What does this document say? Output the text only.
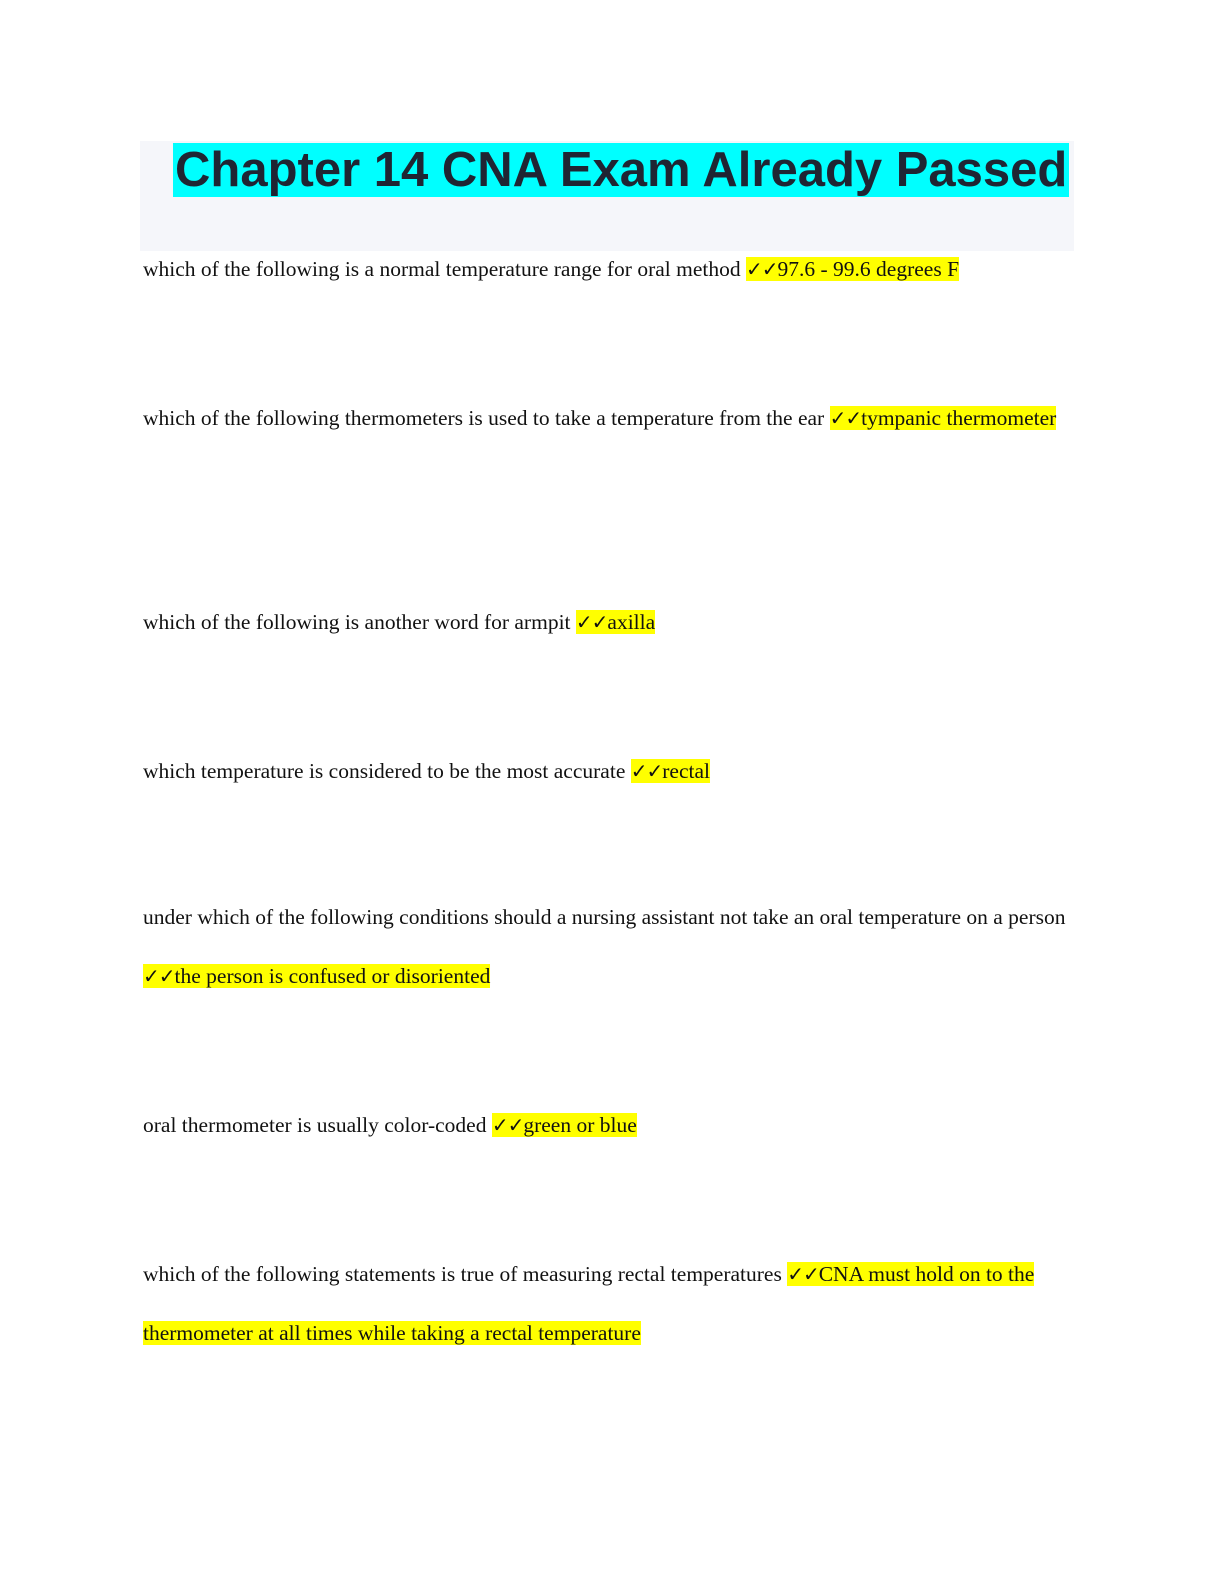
Chapter 14 CNA Exam Already Passed

which of the following is a normal temperature range for oral method ✓✓97.6 - 99.6 degrees F

which of the following thermometers is used to take a temperature from the ear ✓✓tympanic thermometer

which of the following is another word for armpit ✓✓axilla

which temperature is considered to be the most accurate ✓✓rectal

under which of the following conditions should a nursing assistant not take an oral temperature on a person ✓✓the person is confused or disoriented

oral thermometer is usually color-coded ✓✓green or blue

which of the following statements is true of measuring rectal temperatures ✓✓CNA must hold on to the thermometer at all times while taking a rectal temperature
